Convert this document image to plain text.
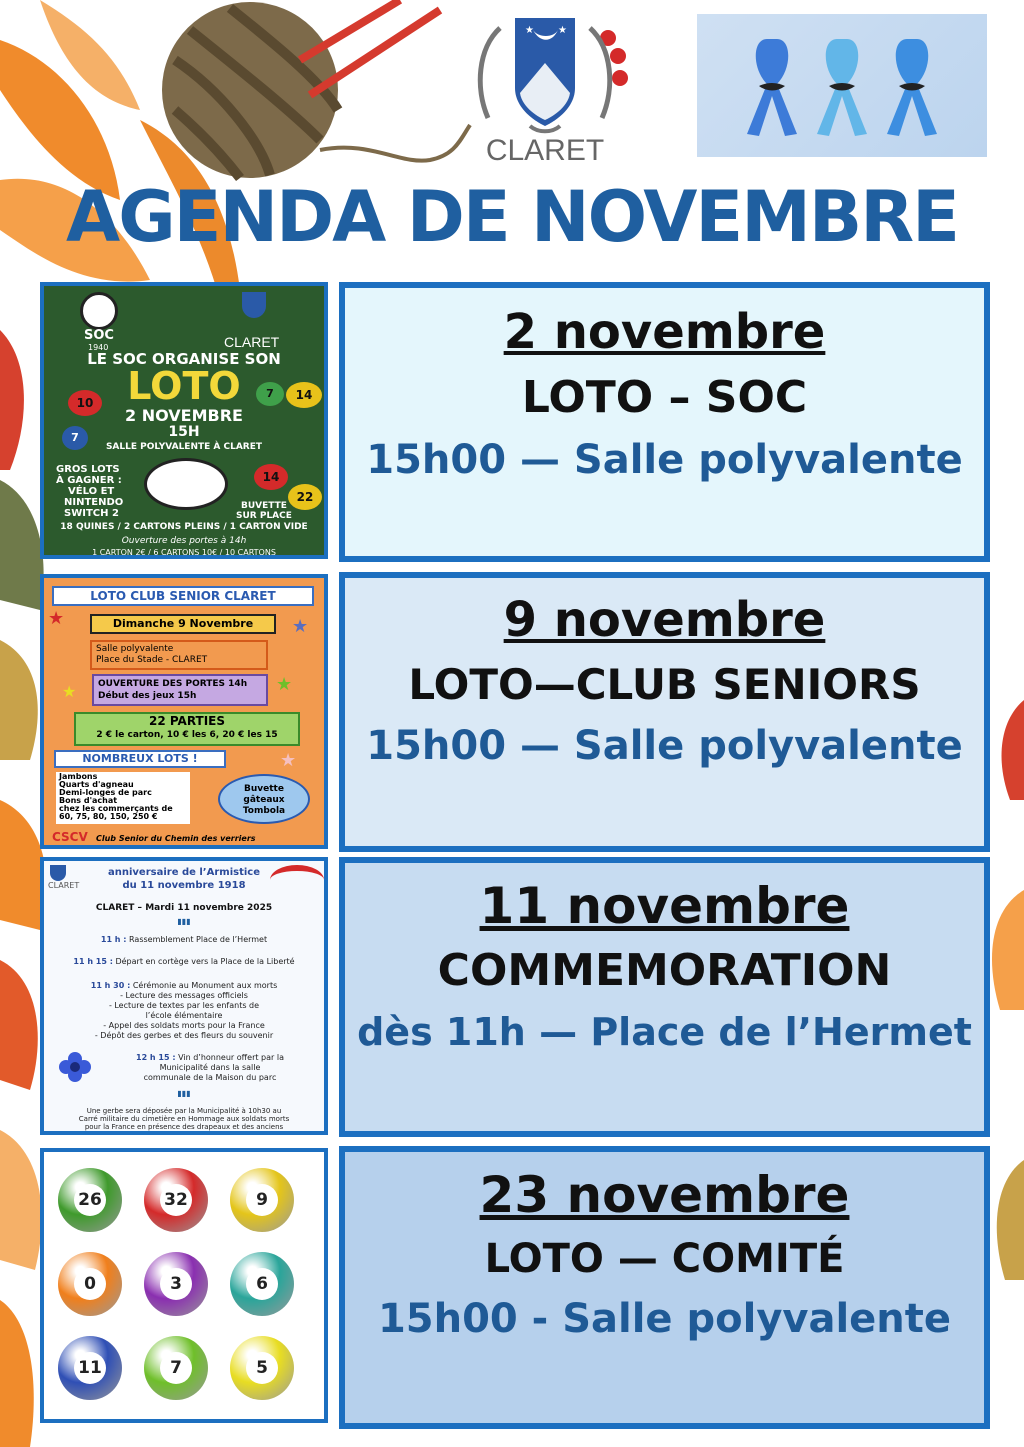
★ ★
CLARET
AGENDA DE NOVEMBRE
SOC
1940	CLARET
LE SOC ORGANISE SON
LOTO
2 NOVEMBRE
15H
SALLE POLYVALENTE À CLARET
10
7	14
7
14
22
GROS LOTS
À GAGNER :
VÉLO ET
NINTENDO
SWITCH 2
BUVETTE
SUR PLACE
18 QUINES / 2 CARTONS PLEINS / 1 CARTON VIDE
Ouverture des portes à 14h
1 CARTON 2€ / 6 CARTONS 10€ / 10 CARTONS
LOTO CLUB SENIOR CLARET
★	★
Dimanche 9 Novembre
Salle polyvalente
Place du Stade - CLARET
★	★
OUVERTURE DES PORTES 14h
Début des jeux 15h
22 PARTIES
2 € le carton, 10 € les 6, 20 € les 15
NOMBREUX LOTS !	★
Jambons
Quarts d'agneau
Demi-longes de parc
Bons d'achat
chez les commerçants de
60, 75, 80, 150, 250 €
Buvette
gâteaux
Tombola
CSCV Club Senior du Chemin des verriers
CLARET
anniversaire de l’Armistice
du 11 novembre 1918
CLARET – Mardi 11 novembre 2025
▮▮▮
11 h : Rassemblement Place de l’Hermet
11 h 15 : Départ en cortège vers la Place de la Liberté
11 h 30 : Cérémonie au Monument aux morts
- Lecture des messages officiels
- Lecture de textes par les enfants de
l’école élémentaire
- Appel des soldats morts pour la France
- Dépôt des gerbes et des fleurs du souvenir
12 h 15 : Vin d’honneur offert par la
Municipalité dans la salle
communale de la Maison du parc
▮▮▮
Une gerbe sera déposée par la Municipalité à 10h30 au
Carré militaire du cimetière en Hommage aux soldats morts
pour la France en présence des drapeaux et des anciens
26	32	9
0	3	6
11	7	5
2 novembre
LOTO – SOC
15h00 — Salle polyvalente
9 novembre
LOTO—CLUB SENIORS
15h00 — Salle polyvalente
11 novembre
COMMEMORATION
dès 11h — Place de l’Hermet
23 novembre
LOTO — COMITÉ
15h00 - Salle polyvalente
